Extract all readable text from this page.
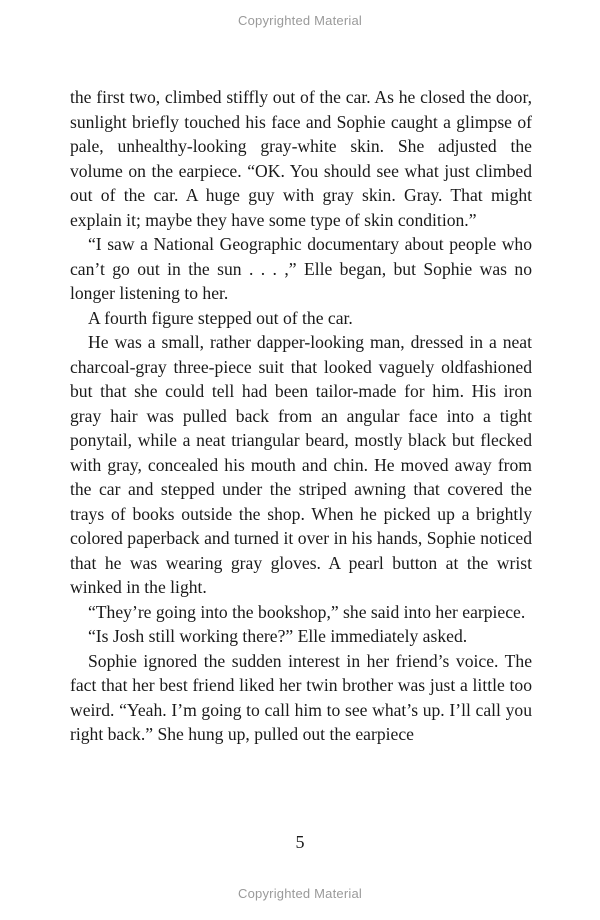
Copyrighted Material

the first two, climbed stiffly out of the car. As he closed the door, sunlight briefly touched his face and Sophie caught a glimpse of pale, unhealthy-looking gray-white skin. She adjusted the volume on the earpiece. “OK. You should see what just climbed out of the car. A huge guy with gray skin. Gray. That might explain it; maybe they have some type of skin condition.”

“I saw a National Geographic documentary about people who can’t go out in the sun . . . ,” Elle began, but Sophie was no longer listening to her.

A fourth figure stepped out of the car.

He was a small, rather dapper-looking man, dressed in a neat charcoal-gray three-piece suit that looked vaguely oldfashioned but that she could tell had been tailor-made for him. His iron gray hair was pulled back from an angular face into a tight ponytail, while a neat triangular beard, mostly black but flecked with gray, concealed his mouth and chin. He moved away from the car and stepped under the striped awning that covered the trays of books outside the shop. When he picked up a brightly colored paperback and turned it over in his hands, Sophie noticed that he was wearing gray gloves. A pearl button at the wrist winked in the light.

“They’re going into the bookshop,” she said into her earpiece.

“Is Josh still working there?” Elle immediately asked.

Sophie ignored the sudden interest in her friend’s voice. The fact that her best friend liked her twin brother was just a little too weird. “Yeah. I’m going to call him to see what’s up. I’ll call you right back.” She hung up, pulled out the earpiece

5
Copyrighted Material
